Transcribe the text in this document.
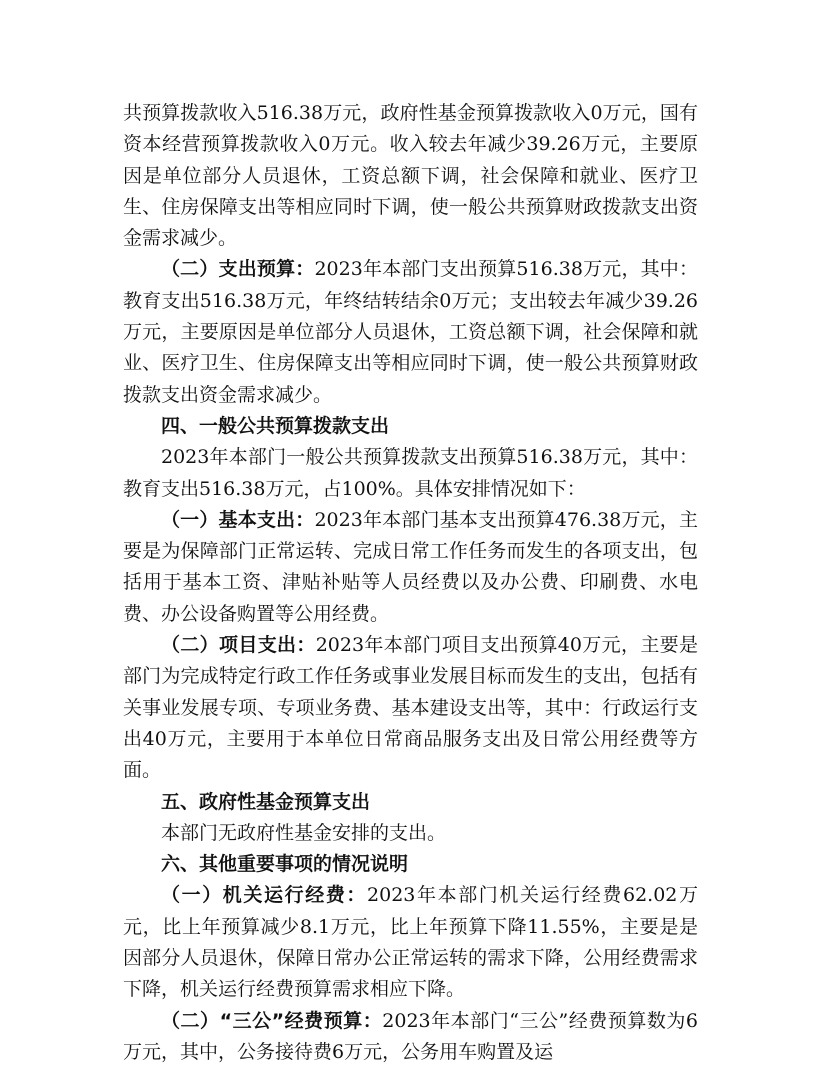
共预算拨款收入516.38万元，政府性基金预算拨款收入0万元，国有资本经营预算拨款收入0万元。收入较去年减少39.26万元，主要原因是单位部分人员退休，工资总额下调，社会保障和就业、医疗卫生、住房保障支出等相应同时下调，使一般公共预算财政拨款支出资金需求减少。

（二）支出预算：2023年本部门支出预算516.38万元，其中：教育支出516.38万元，年终结转结余0万元；支出较去年减少39.26万元，主要原因是单位部分人员退休，工资总额下调，社会保障和就业、医疗卫生、住房保障支出等相应同时下调，使一般公共预算财政拨款支出资金需求减少。

四、一般公共预算拨款支出

2023年本部门一般公共预算拨款支出预算516.38万元，其中：教育支出516.38万元，占100%。具体安排情况如下：

（一）基本支出：2023年本部门基本支出预算476.38万元，主要是为保障部门正常运转、完成日常工作任务而发生的各项支出，包括用于基本工资、津贴补贴等人员经费以及办公费、印刷费、水电费、办公设备购置等公用经费。

（二）项目支出：2023年本部门项目支出预算40万元，主要是部门为完成特定行政工作任务或事业发展目标而发生的支出，包括有关事业发展专项、专项业务费、基本建设支出等，其中：行政运行支出40万元，主要用于本单位日常商品服务支出及日常公用经费等方面。

五、政府性基金预算支出

本部门无政府性基金安排的支出。

六、其他重要事项的情况说明

（一）机关运行经费：2023年本部门机关运行经费62.02万元，比上年预算减少8.1万元，比上年预算下降11.55%，主要是是因部分人员退休，保障日常办公正常运转的需求下降，公用经费需求下降，机关运行经费预算需求相应下降。

（二）“三公”经费预算：2023年本部门“三公”经费预算数为6万元，其中，公务接待费6万元，公务用车购置及运
